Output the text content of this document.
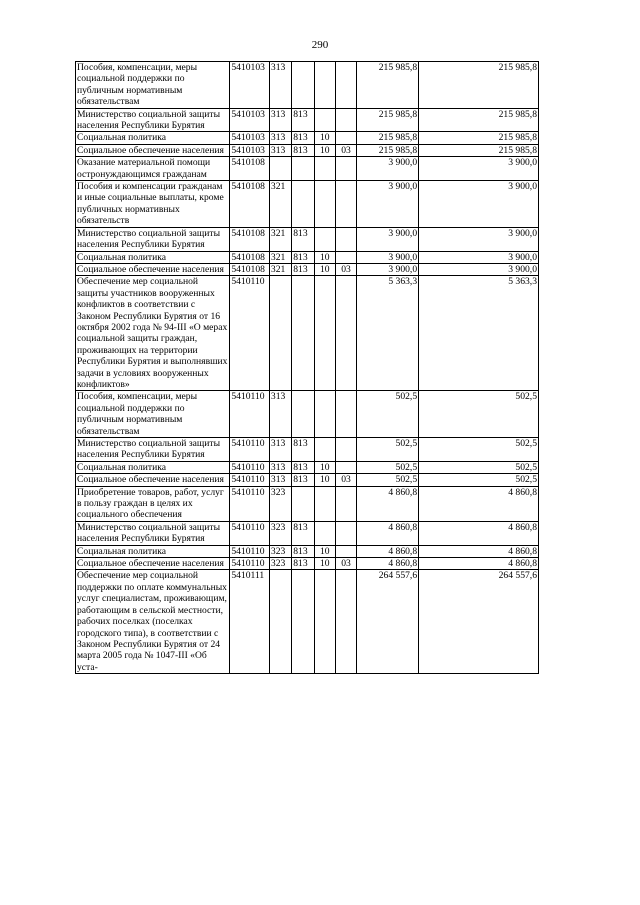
290
Пособия, компенсации, меры социальной поддержки по публичным нормативным обязательствам	5410103	313				215 985,8	215 985,8
Министерство социальной защиты населения Республики Бурятия	5410103	313	813			215 985,8	215 985,8
Социальная политика	5410103	313	813	10		215 985,8	215 985,8
Социальное обеспечение населения	5410103	313	813	10	03	215 985,8	215 985,8
Оказание материальной помощи остронуждающимся гражданам	5410108					3 900,0	3 900,0
Пособия и компенсации гражданам и иные социальные выплаты, кроме публичных нормативных обязательств	5410108	321				3 900,0	3 900,0
Министерство социальной защиты населения Республики Бурятия	5410108	321	813			3 900,0	3 900,0
Социальная политика	5410108	321	813	10		3 900,0	3 900,0
Социальное обеспечение населения	5410108	321	813	10	03	3 900,0	3 900,0
Обеспечение мер социальной защиты участников вооруженных конфликтов в соответствии с Законом Республики Бурятия от 16 октября 2002 года № 94-III «О мерах социальной защиты граждан, проживающих на территории Республики Бурятия и выполнявших задачи в условиях вооруженных конфликтов»	5410110					5 363,3	5 363,3
Пособия, компенсации, меры социальной поддержки по публичным нормативным обязательствам	5410110	313				502,5	502,5
Министерство социальной защиты населения Республики Бурятия	5410110	313	813			502,5	502,5
Социальная политика	5410110	313	813	10		502,5	502,5
Социальное обеспечение населения	5410110	313	813	10	03	502,5	502,5
Приобретение товаров, работ, услуг в пользу граждан в целях их социального обеспечения	5410110	323				4 860,8	4 860,8
Министерство социальной защиты населения Республики Бурятия	5410110	323	813			4 860,8	4 860,8
Социальная политика	5410110	323	813	10		4 860,8	4 860,8
Социальное обеспечение населения	5410110	323	813	10	03	4 860,8	4 860,8
Обеспечение мер социальной поддержки по оплате коммунальных услуг специалистам, проживающим, работающим в сельской местности, рабочих поселках (поселках городского типа), в соответствии с Законом Республики Бурятия от 24 марта 2005 года № 1047-III «Об уста-	5410111					264 557,6	264 557,6
